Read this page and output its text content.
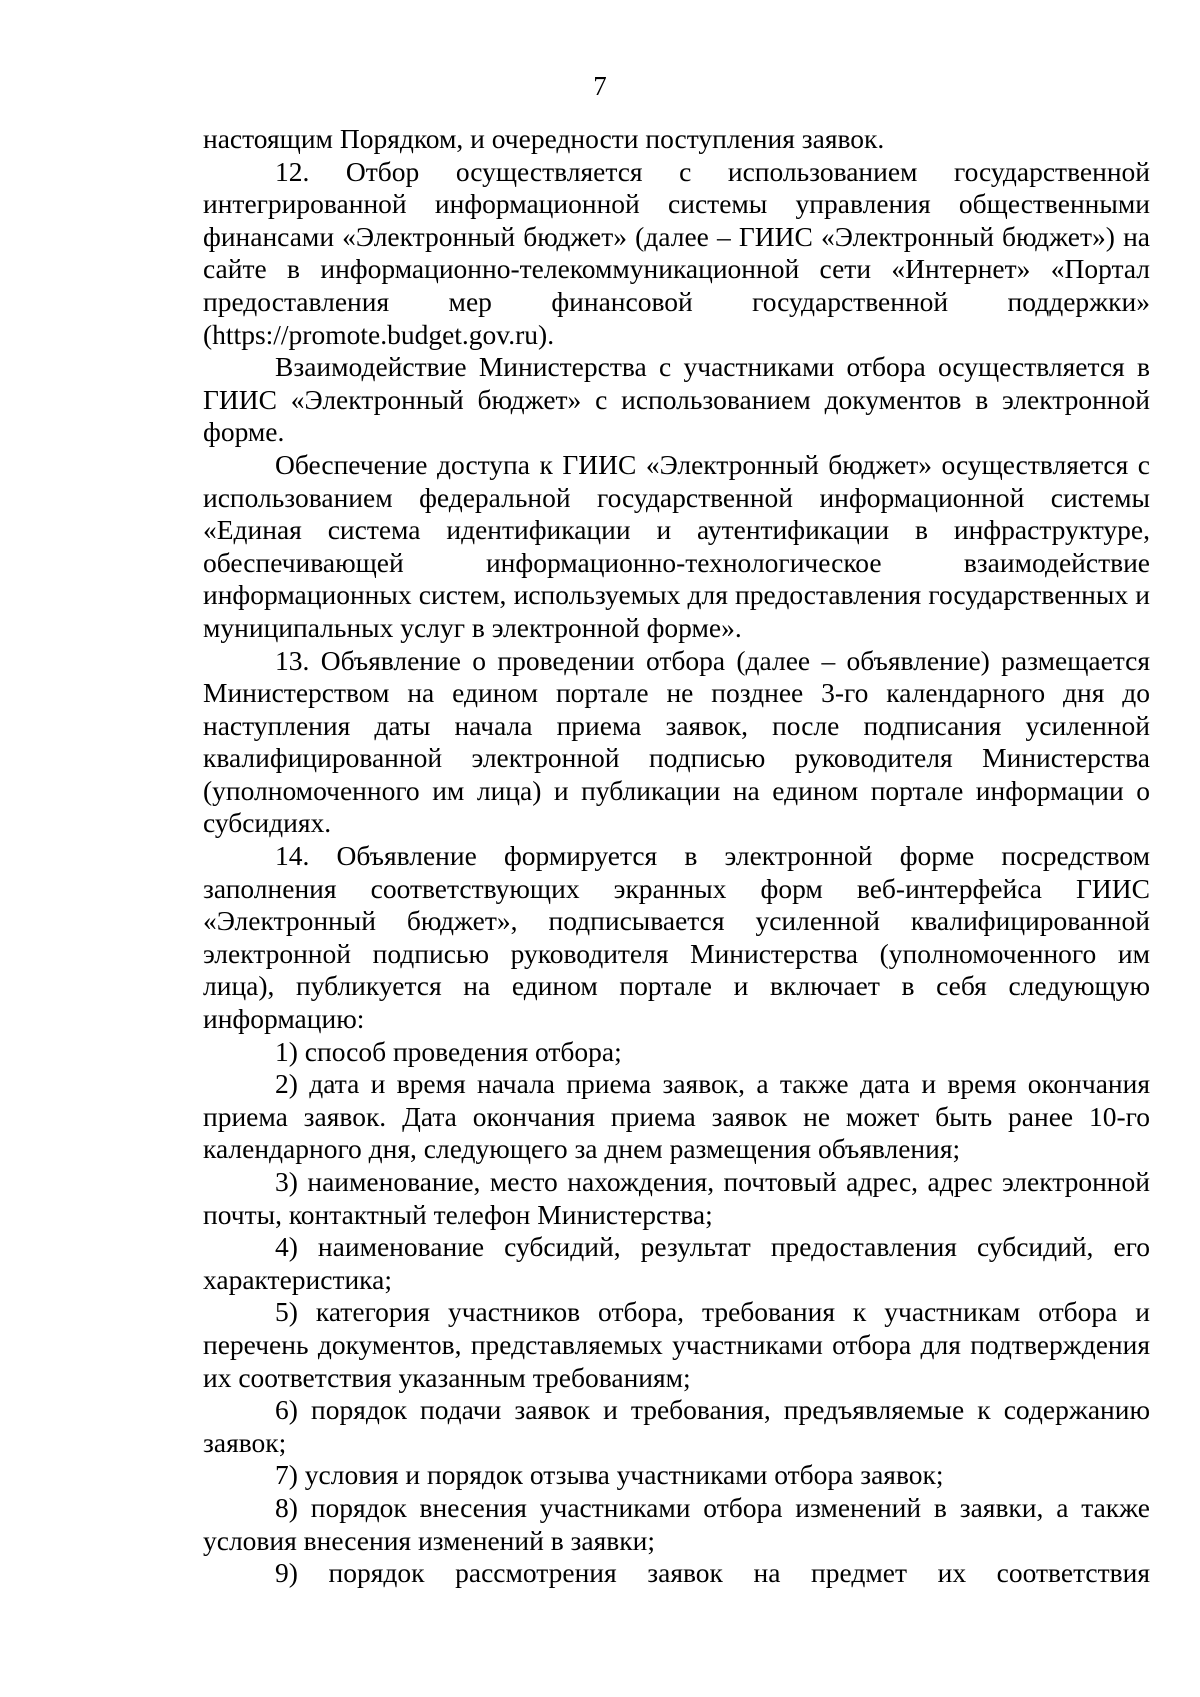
7

настоящим Порядком, и очередности поступления заявок.

12. Отбор осуществляется с использованием государственной интегрированной информационной системы управления общественными финансами «Электронный бюджет» (далее – ГИИС «Электронный бюджет») на сайте в информационно-телекоммуникационной сети «Интернет» «Портал предоставления мер финансовой государственной поддержки» (https://promote.budget.gov.ru).

Взаимодействие Министерства с участниками отбора осуществляется в ГИИС «Электронный бюджет» с использованием документов в электронной форме.

Обеспечение доступа к ГИИС «Электронный бюджет» осуществляется с использованием федеральной государственной информационной системы «Единая система идентификации и аутентификации в инфраструктуре, обеспечивающей информационно-технологическое взаимодействие информационных систем, используемых для предоставления государственных и муниципальных услуг в электронной форме».

13. Объявление о проведении отбора (далее – объявление) размещается Министерством на едином портале не позднее 3-го календарного дня до наступления даты начала приема заявок, после подписания усиленной квалифицированной электронной подписью руководителя Министерства (уполномоченного им лица) и публикации на едином портале информации о субсидиях.

14. Объявление формируется в электронной форме посредством заполнения соответствующих экранных форм веб-интерфейса ГИИС «Электронный бюджет», подписывается усиленной квалифицированной электронной подписью руководителя Министерства (уполномоченного им лица), публикуется на едином портале и включает в себя следующую информацию:

1) способ проведения отбора;

2) дата и время начала приема заявок, а также дата и время окончания приема заявок. Дата окончания приема заявок не может быть ранее 10-го календарного дня, следующего за днем размещения объявления;

3) наименование, место нахождения, почтовый адрес, адрес электронной почты, контактный телефон Министерства;

4) наименование субсидий, результат предоставления субсидий, его характеристика;

5) категория участников отбора, требования к участникам отбора и перечень документов, представляемых участниками отбора для подтверждения их соответствия указанным требованиям;

6) порядок подачи заявок и требования, предъявляемые к содержанию заявок;

7) условия и порядок отзыва участниками отбора заявок;

8) порядок внесения участниками отбора изменений в заявки, а также условия внесения изменений в заявки;

9) порядок рассмотрения заявок на предмет их соответствия
